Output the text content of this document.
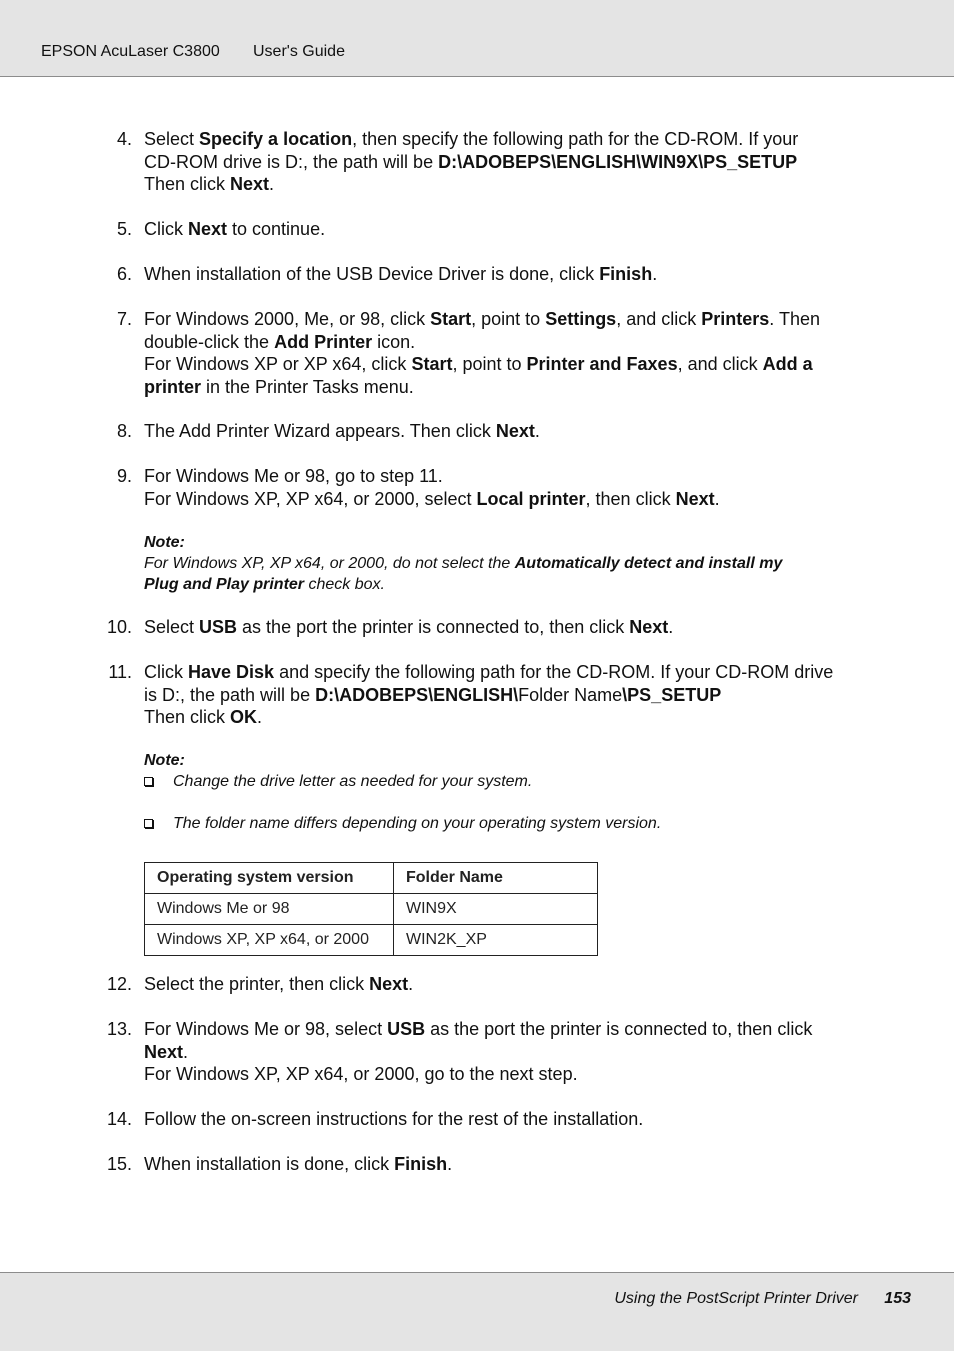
EPSON AcuLaser C3800 User's Guide
4. Select Specify a location, then specify the following path for the CD-ROM. If your
CD-ROM drive is D:, the path will be D:\ADOBEPS\ENGLISH\WIN9X\PS_SETUP
Then click Next.
5. Click Next to continue.
6. When installation of the USB Device Driver is done, click Finish.
7. For Windows 2000, Me, or 98, click Start, point to Settings, and click Printers. Then
double-click the Add Printer icon.
For Windows XP or XP x64, click Start, point to Printer and Faxes, and click Add a
printer in the Printer Tasks menu.
8. The Add Printer Wizard appears. Then click Next.
9. For Windows Me or 98, go to step 11.
For Windows XP, XP x64, or 2000, select Local printer, then click Next.
Note:
For Windows XP, XP x64, or 2000, do not select the Automatically detect and install my
Plug and Play printer check box.
10. Select USB as the port the printer is connected to, then click Next.
11. Click Have Disk and specify the following path for the CD-ROM. If your CD-ROM drive
is D:, the path will be D:\ADOBEPS\ENGLISH\Folder Name\PS_SETUP
Then click OK.
Note:
Change the drive letter as needed for your system.
The folder name differs depending on your operating system version.
Operating system version	Folder Name
Windows Me or 98	WIN9X
Windows XP, XP x64, or 2000	WIN2K_XP
12. Select the printer, then click Next.
13. For Windows Me or 98, select USB as the port the printer is connected to, then click
Next.
For Windows XP, XP x64, or 2000, go to the next step.
14. Follow the on-screen instructions for the rest of the installation.
15. When installation is done, click Finish.
Using the PostScript Printer Driver 153
